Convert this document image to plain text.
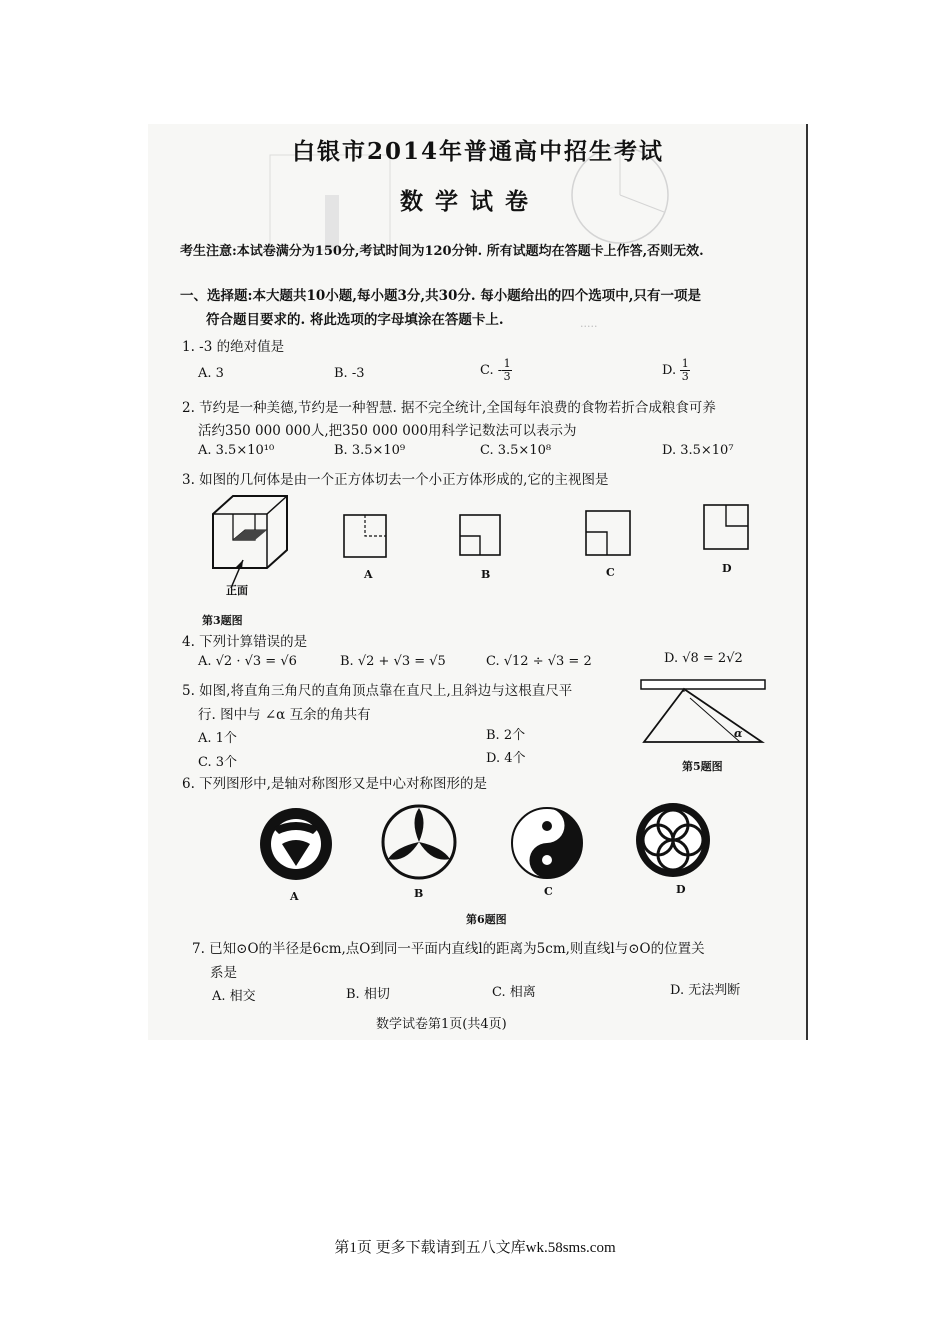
·····
白银市2014年普通高中招生考试
数学试卷
考生注意:本试卷满分为150分,考试时间为120分钟. 所有试题均在答题卡上作答,否则无效.
一、选择题:本大题共10小题,每小题3分,共30分. 每小题给出的四个选项中,只有一项是
符合题目要求的. 将此选项的字母填涂在答题卡上.
1. -3 的绝对值是
A. 3	B. -3	C. - $\frac{1}{3}$	D. $\frac{1}{3}$
2. 节约是一种美德,节约是一种智慧. 据不完全统计,全国每年浪费的食物若折合成粮食可养
活约350 000 000人,把350 000 000用科学记数法可以表示为
A. 3.5×10¹⁰	B. 3.5×10⁹	C. 3.5×10⁸	D. 3.5×10⁷
3. 如图的几何体是由一个正方体切去一个小正方体形成的,它的主视图是
正面
A	B	C	D
第3题图
4. 下列计算错误的是
A. √2 · √3 = √6	B. √2 + √3 = √5	C. √12 ÷ √3 = 2	D. √8 = 2√2
5. 如图,将直角三角尺的直角顶点靠在直尺上,且斜边与这根直尺平
行. 图中与 ∠α 互余的角共有
A. 1个	B. 2个
C. 3个	D. 4个
α
第5题图
6. 下列图形中,是轴对称图形又是中心对称图形的是
A	B	C	D
第6题图
7. 已知⊙O的半径是6cm,点O到同一平面内直线l的距离为5cm,则直线l与⊙O的位置关
系是
A. 相交	B. 相切	C. 相离	D. 无法判断
数学试卷第1页(共4页)
第1页 更多下载请到五八文库wk.58sms.com
